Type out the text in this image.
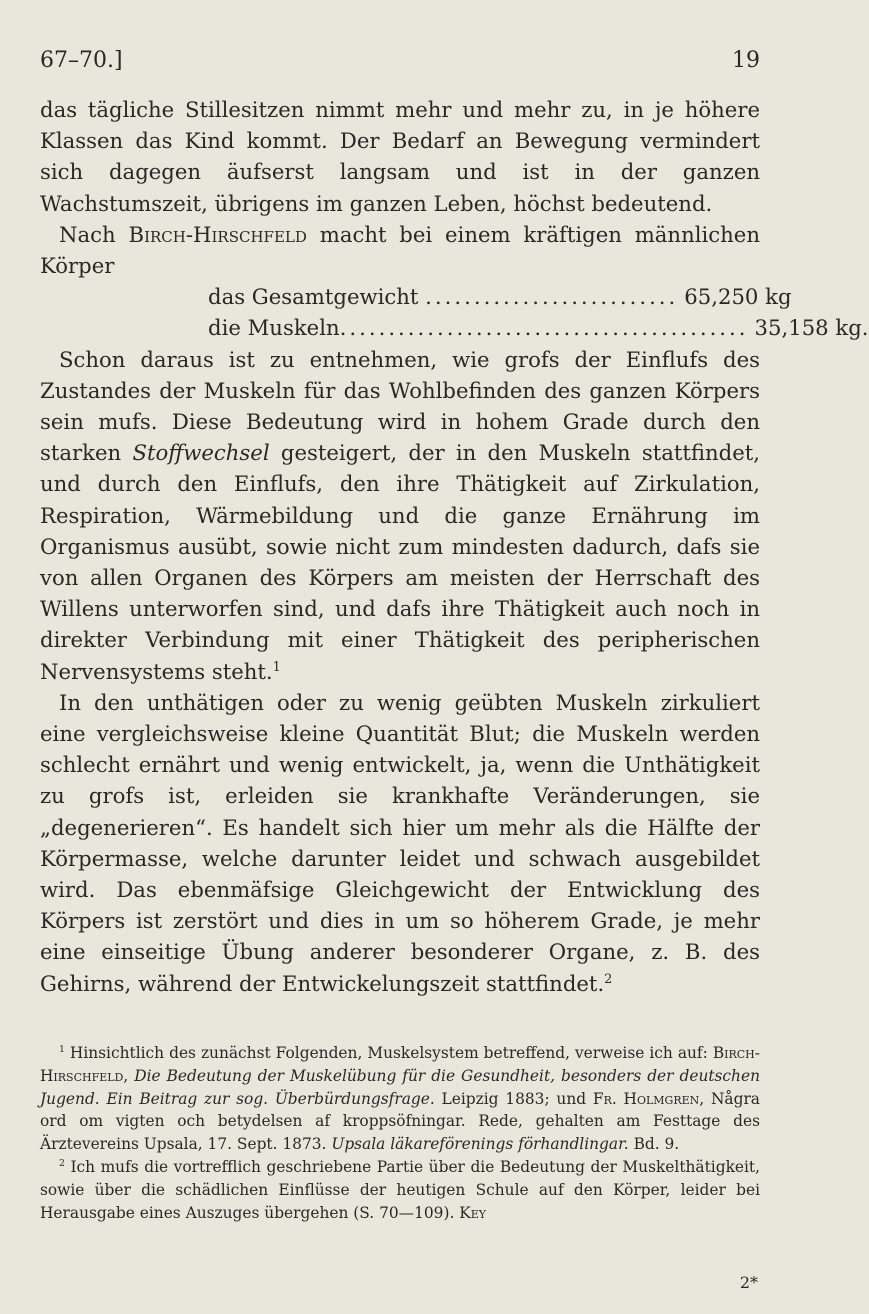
67–70.]	19

das tägliche Stillesitzen nimmt mehr und mehr zu, in je höhere Klassen das Kind kommt. Der Bedarf an Bewegung vermindert sich dagegen äufserst langsam und ist in der ganzen Wachstumszeit, übrigens im ganzen Leben, höchst bedeutend.

Nach Birch-Hirschfeld macht bei einem kräftigen männlichen Körper

das Gesamtgewicht .......................... 65,250 kg
die Muskeln.......................................... 35,158 kg.

Schon daraus ist zu entnehmen, wie grofs der Einflufs des Zustandes der Muskeln für das Wohlbefinden des ganzen Körpers sein mufs. Diese Bedeutung wird in hohem Grade durch den starken Stoffwechsel gesteigert, der in den Muskeln stattfindet, und durch den Einflufs, den ihre Thätigkeit auf Zirkulation, Respiration, Wärmebildung und die ganze Ernährung im Organismus ausübt, sowie nicht zum mindesten dadurch, dafs sie von allen Organen des Körpers am meisten der Herrschaft des Willens unterworfen sind, und dafs ihre Thätigkeit auch noch in direkter Verbindung mit einer Thätigkeit des peripherischen Nervensystems steht.$^1$

In den unthätigen oder zu wenig geübten Muskeln zirkuliert eine vergleichsweise kleine Quantität Blut; die Muskeln werden schlecht ernährt und wenig entwickelt, ja, wenn die Unthätigkeit zu grofs ist, erleiden sie krankhafte Veränderungen, sie „degenerieren“. Es handelt sich hier um mehr als die Hälfte der Körpermasse, welche darunter leidet und schwach ausgebildet wird. Das ebenmäfsige Gleichgewicht der Entwicklung des Körpers ist zerstört und dies in um so höherem Grade, je mehr eine einseitige Übung anderer besonderer Organe, z. B. des Gehirns, während der Entwickelungszeit stattfindet.$^2$

$^1$ Hinsichtlich des zunächst Folgenden, Muskelsystem betreffend, verweise ich auf: Birch-Hirschfeld, Die Bedeutung der Muskelübung für die Gesundheit, besonders der deutschen Jugend. Ein Beitrag zur sog. Überbürdungsfrage. Leipzig 1883; und Fr. Holmgren, Några ord om vigten och betydelsen af kroppsöfningar. Rede, gehalten am Festtage des Ärztevereins Upsala, 17. Sept. 1873. Upsala läkareförenings förhandlingar. Bd. 9.

$^2$ Ich mufs die vortrefflich geschriebene Partie über die Bedeutung der Muskelthätigkeit, sowie über die schädlichen Einflüsse der heutigen Schule auf den Körper, leider bei Herausgabe eines Auszuges übergehen (S. 70—109). Key

2*
